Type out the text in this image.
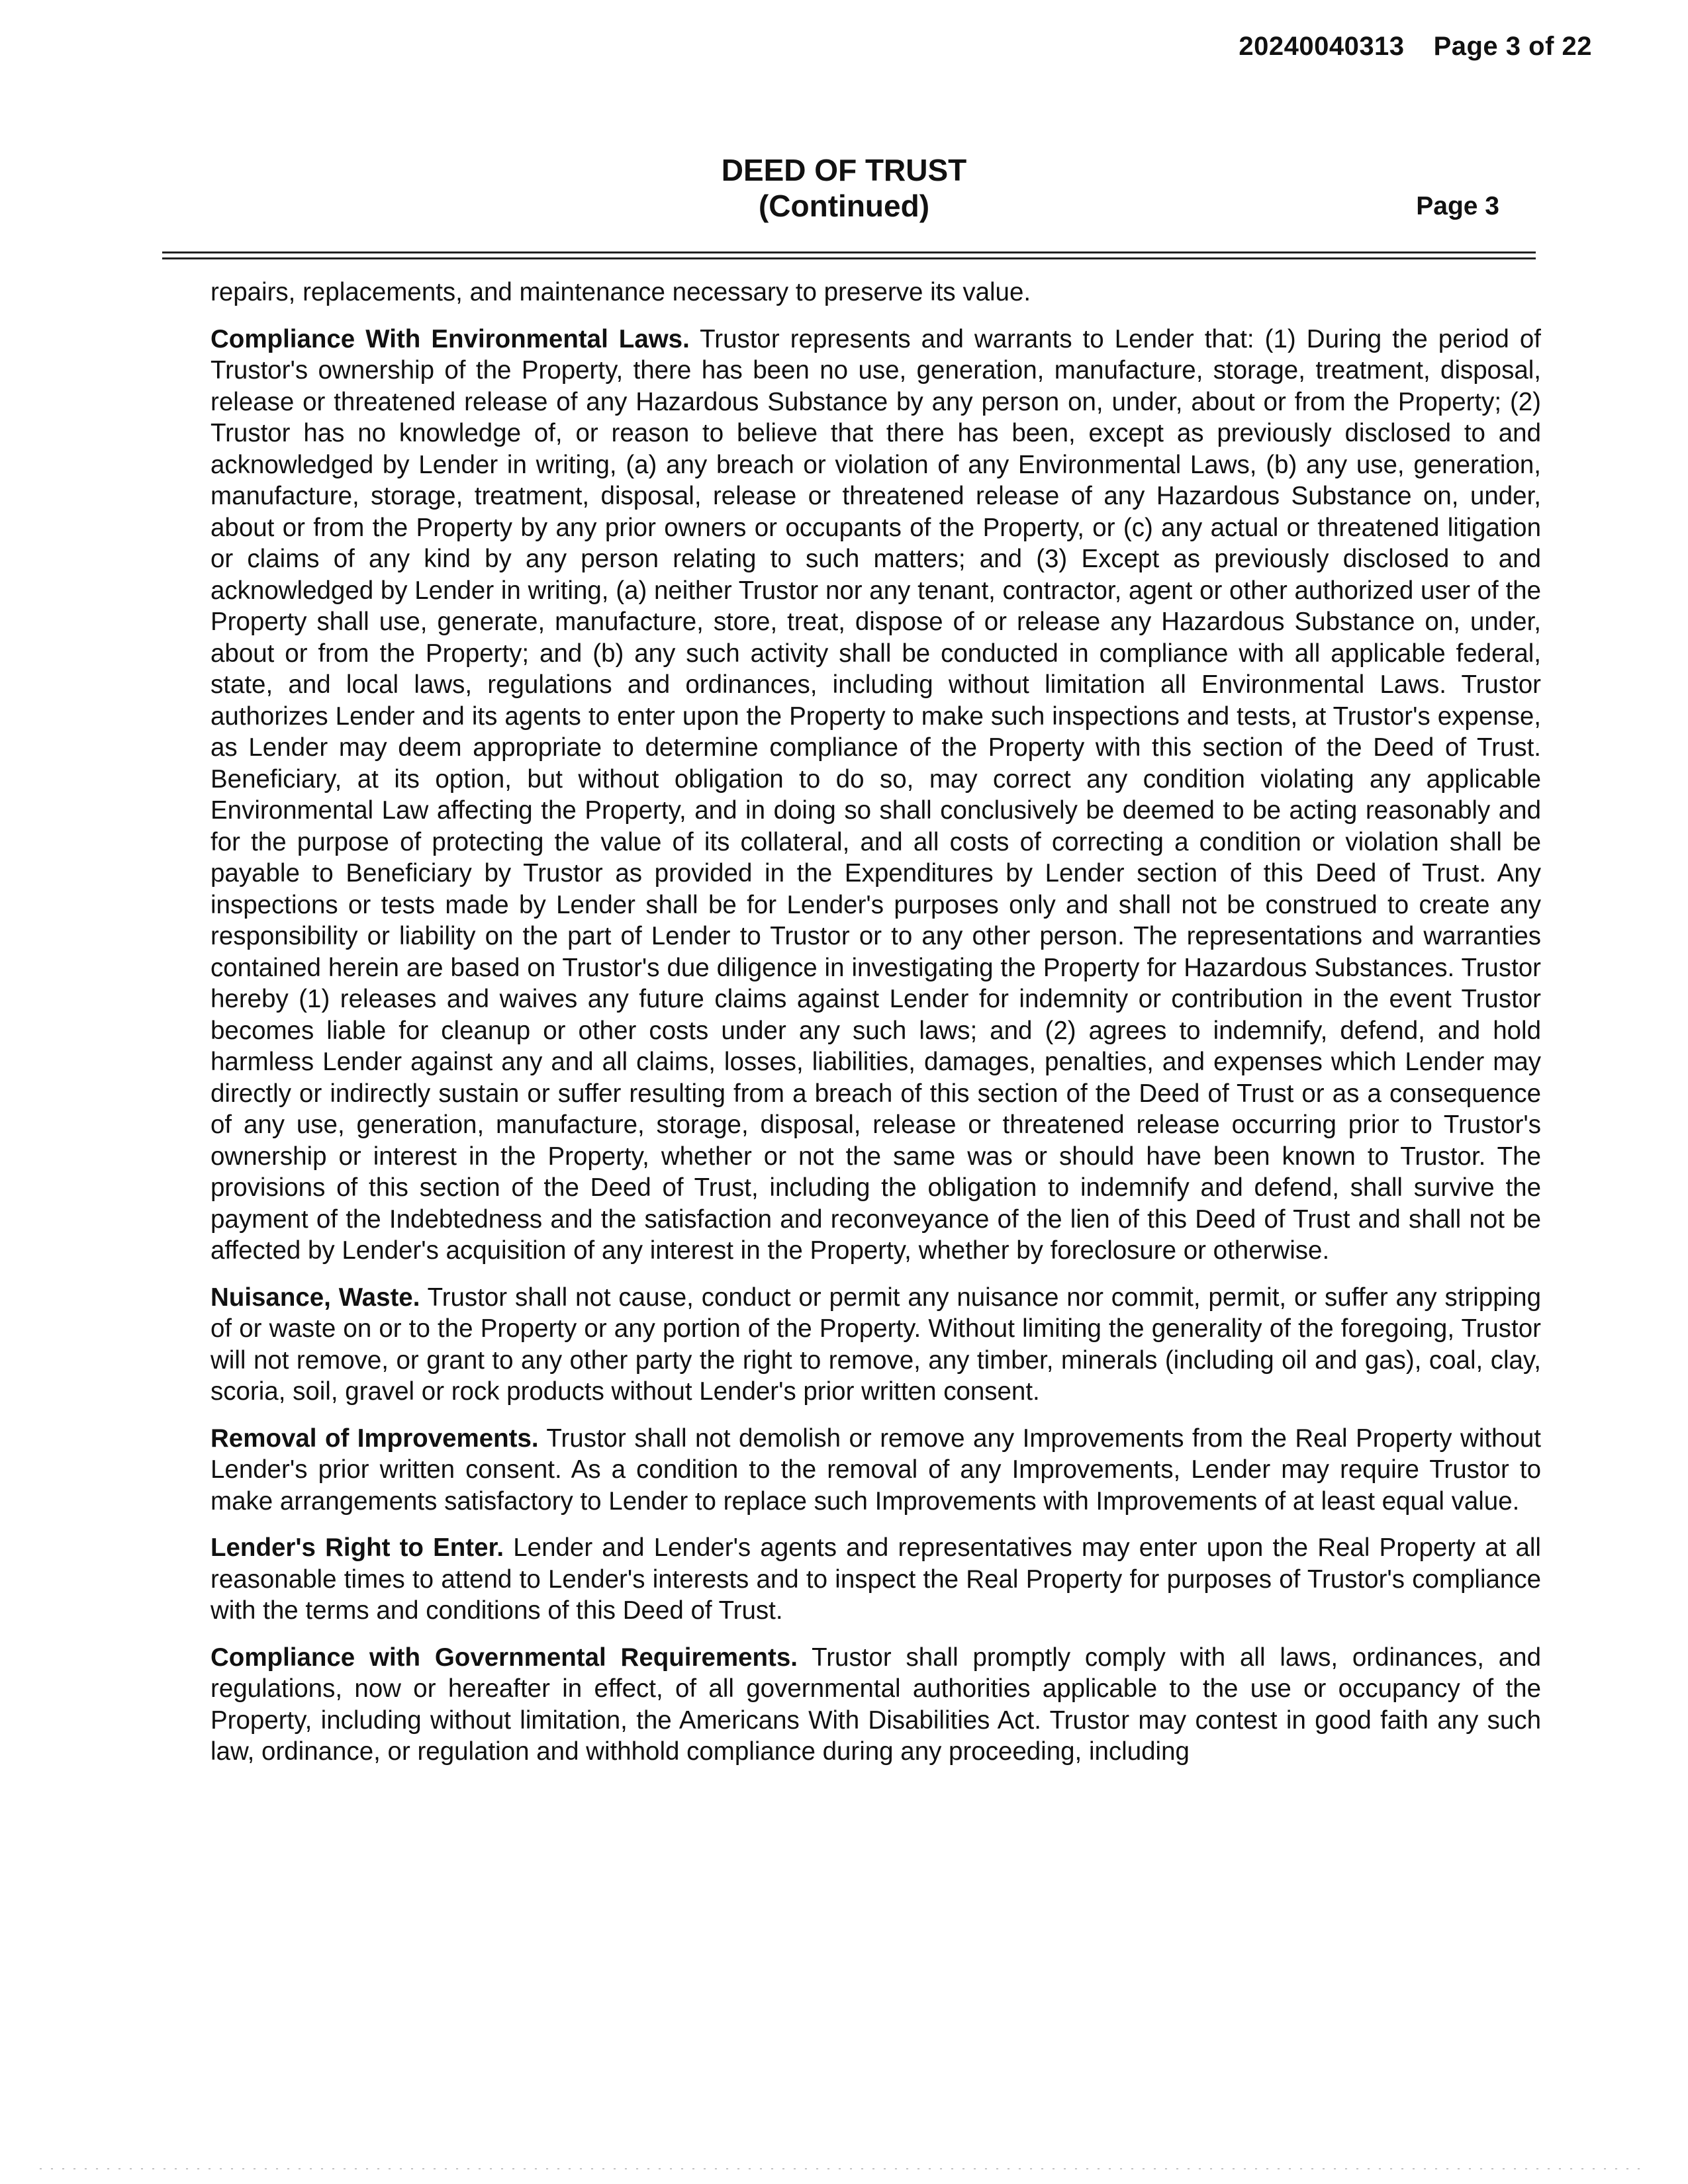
20240040313 Page 3 of 22
DEED OF TRUST
(Continued)	Page 3

repairs, replacements, and maintenance necessary to preserve its value.

Compliance With Environmental Laws. Trustor represents and warrants to Lender that: (1) During the period of Trustor's ownership of the Property, there has been no use, generation, manufacture, storage, treatment, disposal, release or threatened release of any Hazardous Substance by any person on, under, about or from the Property; (2) Trustor has no knowledge of, or reason to believe that there has been, except as previously disclosed to and acknowledged by Lender in writing, (a) any breach or violation of any Environmental Laws, (b) any use, generation, manufacture, storage, treatment, disposal, release or threatened release of any Hazardous Substance on, under, about or from the Property by any prior owners or occupants of the Property, or (c) any actual or threatened litigation or claims of any kind by any person relating to such matters; and (3) Except as previously disclosed to and acknowledged by Lender in writing, (a) neither Trustor nor any tenant, contractor, agent or other authorized user of the Property shall use, generate, manufacture, store, treat, dispose of or release any Hazardous Substance on, under, about or from the Property; and (b) any such activity shall be conducted in compliance with all applicable federal, state, and local laws, regulations and ordinances, including without limitation all Environmental Laws. Trustor authorizes Lender and its agents to enter upon the Property to make such inspections and tests, at Trustor's expense, as Lender may deem appropriate to determine compliance of the Property with this section of the Deed of Trust. Beneficiary, at its option, but without obligation to do so, may correct any condition violating any applicable Environmental Law affecting the Property, and in doing so shall conclusively be deemed to be acting reasonably and for the purpose of protecting the value of its collateral, and all costs of correcting a condition or violation shall be payable to Beneficiary by Trustor as provided in the Expenditures by Lender section of this Deed of Trust. Any inspections or tests made by Lender shall be for Lender's purposes only and shall not be construed to create any responsibility or liability on the part of Lender to Trustor or to any other person. The representations and warranties contained herein are based on Trustor's due diligence in investigating the Property for Hazardous Substances. Trustor hereby (1) releases and waives any future claims against Lender for indemnity or contribution in the event Trustor becomes liable for cleanup or other costs under any such laws; and (2) agrees to indemnify, defend, and hold harmless Lender against any and all claims, losses, liabilities, damages, penalties, and expenses which Lender may directly or indirectly sustain or suffer resulting from a breach of this section of the Deed of Trust or as a consequence of any use, generation, manufacture, storage, disposal, release or threatened release occurring prior to Trustor's ownership or interest in the Property, whether or not the same was or should have been known to Trustor. The provisions of this section of the Deed of Trust, including the obligation to indemnify and defend, shall survive the payment of the Indebtedness and the satisfaction and reconveyance of the lien of this Deed of Trust and shall not be affected by Lender's acquisition of any interest in the Property, whether by foreclosure or otherwise.

Nuisance, Waste. Trustor shall not cause, conduct or permit any nuisance nor commit, permit, or suffer any stripping of or waste on or to the Property or any portion of the Property. Without limiting the generality of the foregoing, Trustor will not remove, or grant to any other party the right to remove, any timber, minerals (including oil and gas), coal, clay, scoria, soil, gravel or rock products without Lender's prior written consent.

Removal of Improvements. Trustor shall not demolish or remove any Improvements from the Real Property without Lender's prior written consent. As a condition to the removal of any Improvements, Lender may require Trustor to make arrangements satisfactory to Lender to replace such Improvements with Improvements of at least equal value.

Lender's Right to Enter. Lender and Lender's agents and representatives may enter upon the Real Property at all reasonable times to attend to Lender's interests and to inspect the Real Property for purposes of Trustor's compliance with the terms and conditions of this Deed of Trust.

Compliance with Governmental Requirements. Trustor shall promptly comply with all laws, ordinances, and regulations, now or hereafter in effect, of all governmental authorities applicable to the use or occupancy of the Property, including without limitation, the Americans With Disabilities Act. Trustor may contest in good faith any such law, ordinance, or regulation and withhold compliance during any proceeding, including
